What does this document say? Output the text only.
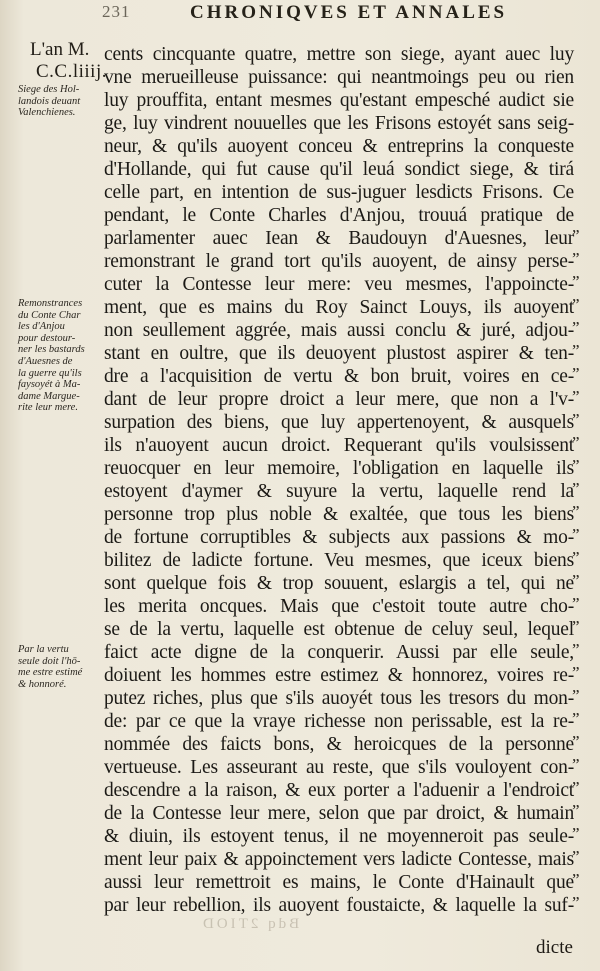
231	CHRONIQVES ET ANNALES
L'an M.
C.C.liiij.
Siege des Hol-
landois deuant
Valenchienes.
Remonstrances
du Conte Char
les d'Anjou
pour destour-
ner les bastards
d'Auesnes de
la guerre qu'ils
faysoyét à Ma-
dame Margue-
rite leur mere.
Par la vertu
seule doit l'hō-
me estre estimé
& honnoré.
cents cincquante quatre, mettre son siege, ayant auec luy
vne merueilleuse puissance: qui neantmoings peu ou rien
luy prouffita, entant mesmes qu'estant empesché audict sie
ge, luy vindrent nouuelles que les Frisons estoyét sans seig-
neur, & qu'ils auoyent conceu & entreprins la conqueste
d'Hollande, qui fut cause qu'il leuá sondict siege, & tirá
celle part, en intention de sus-juguer lesdicts Frisons. Ce
pendant, le Conte Charles d'Anjou, trouuá pratique de
parlamenter auec Iean & Baudouyn d'Auesnes, leur
remonstrant le grand tort qu'ils auoyent, de ainsy perse-
cuter la Contesse leur mere: veu mesmes, l'appoincte-
ment, que es mains du Roy Sainct Louys, ils auoyent
non seullement aggrée, mais aussi conclu & juré, adjou-
stant en oultre, que ils deuoyent plustost aspirer & ten-
dre a l'acquisition de vertu & bon bruit, voires en ce-
dant de leur propre droict a leur mere, que non a l'v-
surpation des biens, que luy appertenoyent, & ausquels
ils n'auoyent aucun droict. Requerant qu'ils voulsissent
reuocquer en leur memoire, l'obligation en laquelle ils
estoyent d'aymer & suyure la vertu, laquelle rend la
personne trop plus noble & exaltée, que tous les biens
de fortune corruptibles & subjects aux passions & mo-
bilitez de ladicte fortune. Veu mesmes, que iceux biens
sont quelque fois & trop souuent, eslargis a tel, qui ne
les merita oncques. Mais que c'estoit toute autre cho-
se de la vertu, laquelle est obtenue de celuy seul, lequel
faict acte digne de la conquerir. Aussi par elle seule,
doiuent les hommes estre estimez & honnorez, voires re-
putez riches, plus que s'ils auoyét tous les tresors du mon-
de: par ce que la vraye richesse non perissable, est la re-
nommée des faicts bons, & heroicques de la personne
vertueuse. Les asseurant au reste, que s'ils vouloyent con-
descendre a la raison, & eux porter a l'aduenir a l'endroict
de la Contesse leur mere, selon que par droict, & humain
& diuin, ils estoyent tenus, il ne moyenneroit pas seule-
ment leur paix & appoinctement vers ladicte Contesse, mais
aussi leur remettroit es mains, le Conte d'Hainault que
par leur rebellion, ils auoyent foustaicte, & laquelle la suf-
”
”
”
”
”
”
”
”
”
”
”
”
”
”
”
”
”
”
”
”
”
”
”
”
”
”
”
”
”
”
dicte
Bdq 2TIOD
